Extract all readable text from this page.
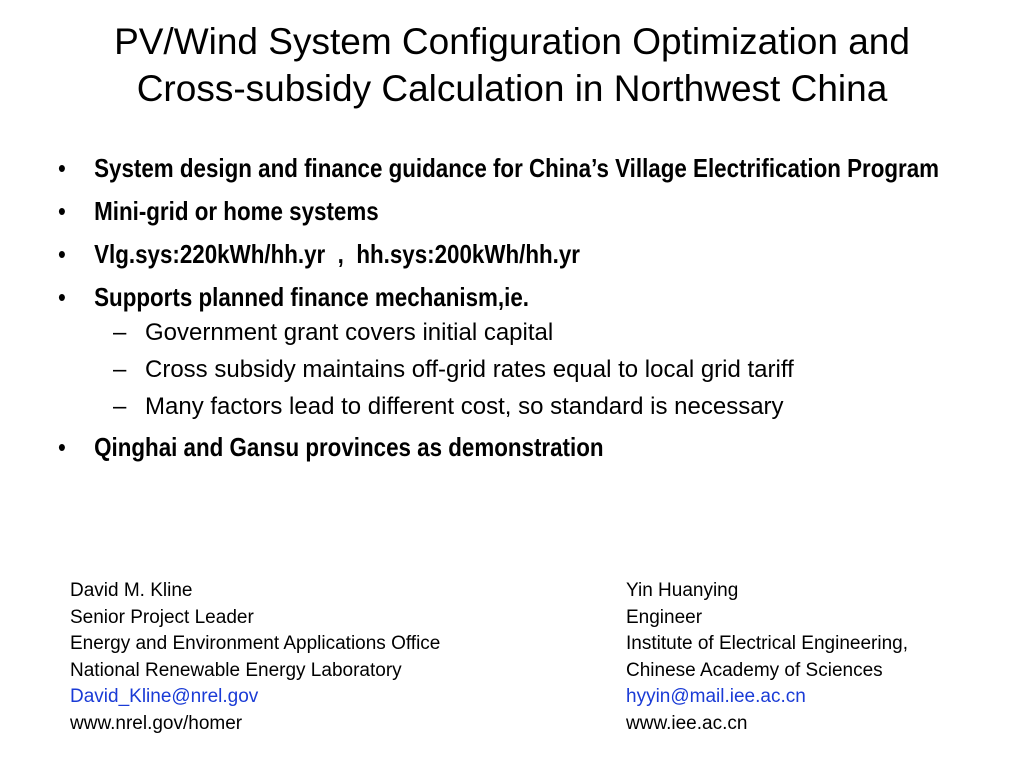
PV/Wind System Configuration Optimization and
Cross-subsidy Calculation in Northwest China
• System design and finance guidance for China’s Village Electrification Program
• Mini-grid or home systems
• Vlg.sys:220kWh/hh.yr  ,  hh.sys:200kWh/hh.yr
• Supports planned finance mechanism,ie.
– Government grant covers initial capital
– Cross subsidy maintains off-grid rates equal to local grid tariff
– Many factors lead to different cost, so standard is necessary
• Qinghai and Gansu provinces as demonstration
David M. Kline
Senior Project Leader
Energy and Environment Applications Office
National Renewable Energy Laboratory
David_Kline@nrel.gov
www.nrel.gov/homer
Yin Huanying
Engineer
Institute of Electrical Engineering,
Chinese Academy of Sciences
hyyin@mail.iee.ac.cn
www.iee.ac.cn
